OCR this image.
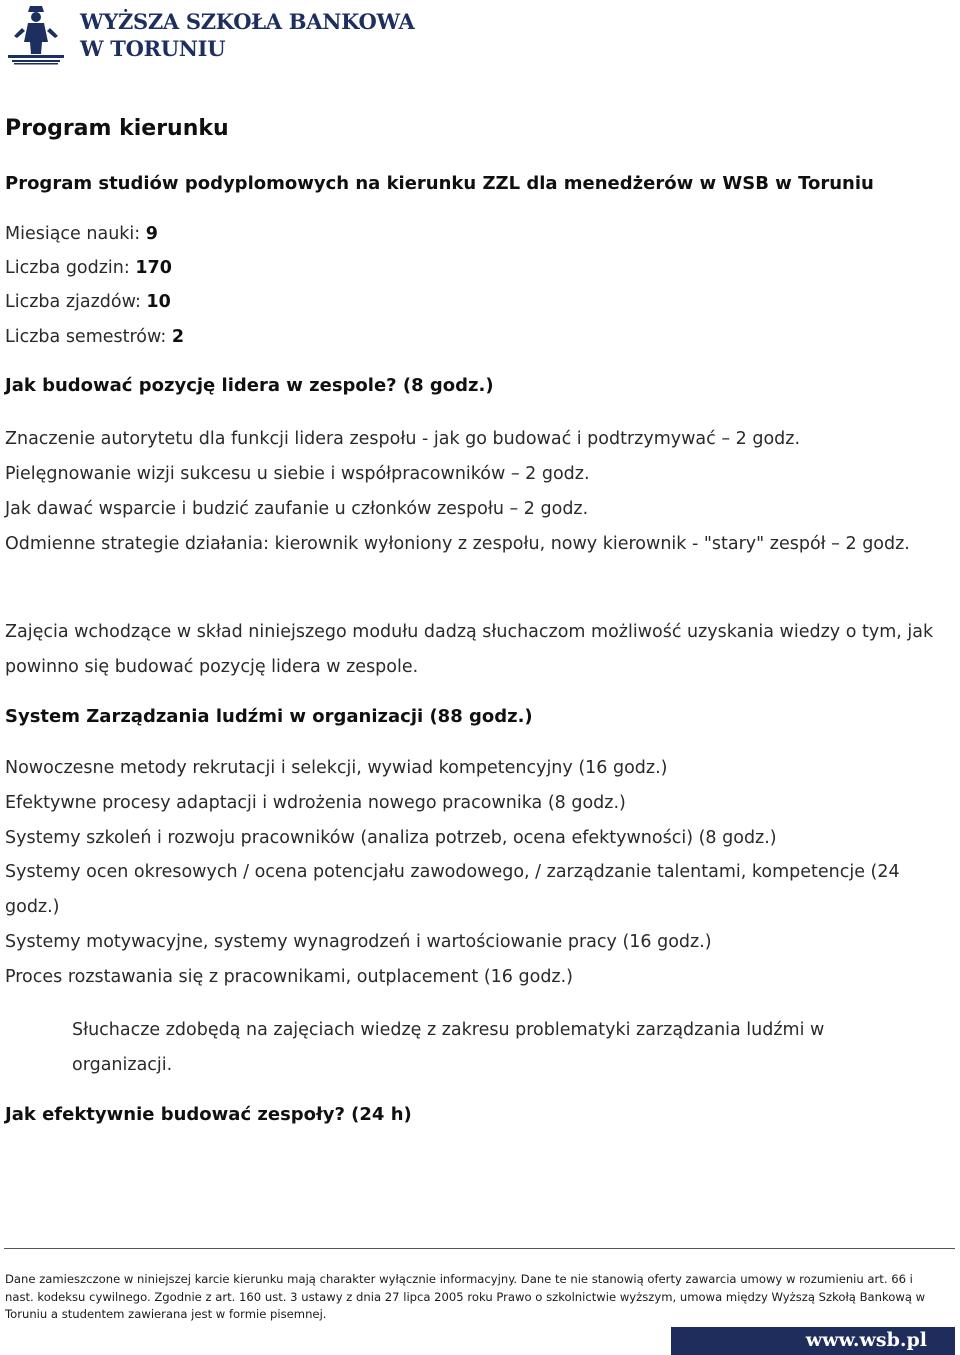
WYŻSZA SZKOŁA BANKOWA
W TORUNIU
Program kierunku
Program studiów podyplomowych na kierunku ZZL dla menedżerów w WSB w Toruniu
Miesiące nauki: 9
Liczba godzin: 170
Liczba zjazdów: 10
Liczba semestrów: 2
Jak budować pozycję lidera w zespole? (8 godz.)
Znaczenie autorytetu dla funkcji lidera zespołu - jak go budować i podtrzymywać – 2 godz.
Pielęgnowanie wizji sukcesu u siebie i współpracowników – 2 godz.
Jak dawać wsparcie i budzić zaufanie u członków zespołu – 2 godz.
Odmienne strategie działania: kierownik wyłoniony z zespołu, nowy kierownik - "stary" zespół – 2 godz.
Zajęcia wchodzące w skład niniejszego modułu dadzą słuchaczom możliwość uzyskania wiedzy o tym, jak powinno się budować pozycję lidera w zespole.
System Zarządzania ludźmi w organizacji (88 godz.)
Nowoczesne metody rekrutacji i selekcji, wywiad kompetencyjny (16 godz.)
Efektywne procesy adaptacji i wdrożenia nowego pracownika (8 godz.)
Systemy szkoleń i rozwoju pracowników (analiza potrzeb, ocena efektywności) (8 godz.)
Systemy ocen okresowych / ocena potencjału zawodowego, / zarządzanie talentami, kompetencje (24 godz.)
Systemy motywacyjne, systemy wynagrodzeń i wartościowanie pracy (16 godz.)
Proces rozstawania się z pracownikami, outplacement (16 godz.)
Słuchacze zdobędą na zajęciach wiedzę z zakresu problematyki zarządzania ludźmi w organizacji.
Jak efektywnie budować zespoły? (24 h)
Dane zamieszczone w niniejszej karcie kierunku mają charakter wyłącznie informacyjny. Dane te nie stanowią oferty zawarcia umowy w rozumieniu art. 66 i nast. kodeksu cywilnego. Zgodnie z art. 160 ust. 3 ustawy z dnia 27 lipca 2005 roku Prawo o szkolnictwie wyższym, umowa między Wyższą Szkołą Bankową w Toruniu a studentem zawierana jest w formie pisemnej.
www.wsb.pl
